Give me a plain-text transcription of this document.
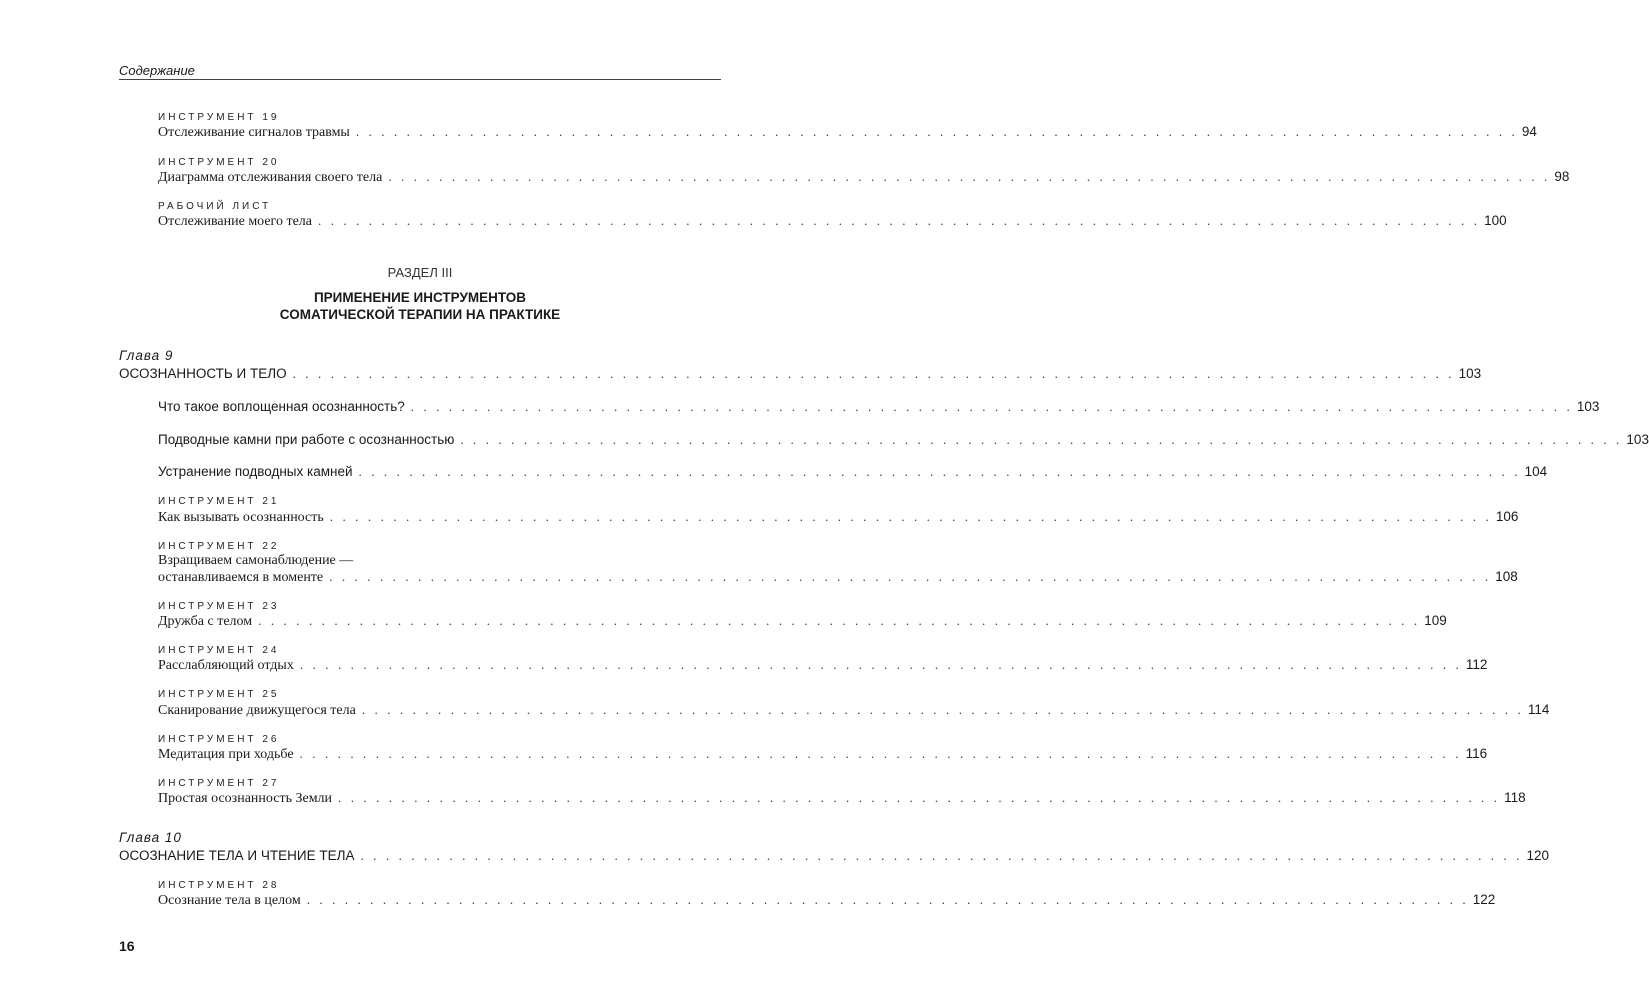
Содержание
ИНСТРУМЕНТ 19
Отслеживание сигналов травмы . . . . . . . . . . . . . . . . . . . . . . . . . . . . . . . . . . . . . . . . . . . . . . . . . . . . . . . . . . . . . . . . . . . . . . . . . . . . . . . . . . . . . . . . . . . . 94
ИНСТРУМЕНТ 20
Диаграмма отслеживания своего тела . . . . . . . . . . . . . . . . . . . . . . . . . . . . . . . . . . . . . . . . . . . . . . . . . . . . . . . . . . . . . . . . . . . . . . . . . . . . . . . . . . . . . . . . . . . . 98
РАБОЧИЙ ЛИСТ
Отслеживание моего тела . . . . . . . . . . . . . . . . . . . . . . . . . . . . . . . . . . . . . . . . . . . . . . . . . . . . . . . . . . . . . . . . . . . . . . . . . . . . . . . . . . . . . . . . . . . . 100
РАЗДЕЛ III
ПРИМЕНЕНИЕ ИНСТРУМЕНТОВ
СОМАТИЧЕСКОЙ ТЕРАПИИ НА ПРАКТИКЕ
Глава 9
ОСОЗНАННОСТЬ И ТЕЛО . . . . . . . . . . . . . . . . . . . . . . . . . . . . . . . . . . . . . . . . . . . . . . . . . . . . . . . . . . . . . . . . . . . . . . . . . . . . . . . . . . . . . . . . . . . . 103
Что такое воплощенная осознанность? . . . . . . . . . . . . . . . . . . . . . . . . . . . . . . . . . . . . . . . . . . . . . . . . . . . . . . . . . . . . . . . . . . . . . . . . . . . . . . . . . . . . . . . . . . . . 103
Подводные камни при работе с осознанностью . . . . . . . . . . . . . . . . . . . . . . . . . . . . . . . . . . . . . . . . . . . . . . . . . . . . . . . . . . . . . . . . . . . . . . . . . . . . . . . . . . . . . . . . . . . . 103
Устранение подводных камней . . . . . . . . . . . . . . . . . . . . . . . . . . . . . . . . . . . . . . . . . . . . . . . . . . . . . . . . . . . . . . . . . . . . . . . . . . . . . . . . . . . . . . . . . . . . 104
ИНСТРУМЕНТ 21
Как вызывать осознанность . . . . . . . . . . . . . . . . . . . . . . . . . . . . . . . . . . . . . . . . . . . . . . . . . . . . . . . . . . . . . . . . . . . . . . . . . . . . . . . . . . . . . . . . . . . . 106
ИНСТРУМЕНТ 22
Взращиваем самонаблюдение —
останавливаемся в моменте . . . . . . . . . . . . . . . . . . . . . . . . . . . . . . . . . . . . . . . . . . . . . . . . . . . . . . . . . . . . . . . . . . . . . . . . . . . . . . . . . . . . . . . . . . . . 108
ИНСТРУМЕНТ 23
Дружба с телом . . . . . . . . . . . . . . . . . . . . . . . . . . . . . . . . . . . . . . . . . . . . . . . . . . . . . . . . . . . . . . . . . . . . . . . . . . . . . . . . . . . . . . . . . . . . 109
ИНСТРУМЕНТ 24
Расслабляющий отдых . . . . . . . . . . . . . . . . . . . . . . . . . . . . . . . . . . . . . . . . . . . . . . . . . . . . . . . . . . . . . . . . . . . . . . . . . . . . . . . . . . . . . . . . . . . . 112
ИНСТРУМЕНТ 25
Сканирование движущегося тела . . . . . . . . . . . . . . . . . . . . . . . . . . . . . . . . . . . . . . . . . . . . . . . . . . . . . . . . . . . . . . . . . . . . . . . . . . . . . . . . . . . . . . . . . . . . 114
ИНСТРУМЕНТ 26
Медитация при ходьбе . . . . . . . . . . . . . . . . . . . . . . . . . . . . . . . . . . . . . . . . . . . . . . . . . . . . . . . . . . . . . . . . . . . . . . . . . . . . . . . . . . . . . . . . . . . . 116
ИНСТРУМЕНТ 27
Простая осознанность Земли . . . . . . . . . . . . . . . . . . . . . . . . . . . . . . . . . . . . . . . . . . . . . . . . . . . . . . . . . . . . . . . . . . . . . . . . . . . . . . . . . . . . . . . . . . . . 118
Глава 10
ОСОЗНАНИЕ ТЕЛА И ЧТЕНИЕ ТЕЛА . . . . . . . . . . . . . . . . . . . . . . . . . . . . . . . . . . . . . . . . . . . . . . . . . . . . . . . . . . . . . . . . . . . . . . . . . . . . . . . . . . . . . . . . . . . . 120
ИНСТРУМЕНТ 28
Осознание тела в целом . . . . . . . . . . . . . . . . . . . . . . . . . . . . . . . . . . . . . . . . . . . . . . . . . . . . . . . . . . . . . . . . . . . . . . . . . . . . . . . . . . . . . . . . . . . . 122
16
